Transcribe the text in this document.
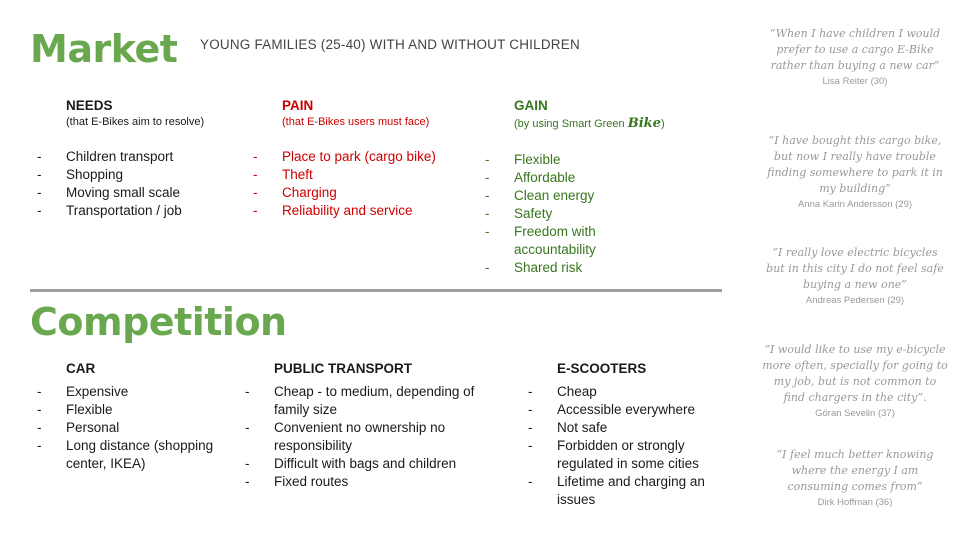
Market YOUNG FAMILIES (25-40) WITH AND WITHOUT CHILDREN
NEEDS
(that E-Bikes aim to resolve)
- Children transport
- Shopping
- Moving small scale
- Transportation / job
PAIN
(that E-Bikes users must face)
- Place to park (cargo bike)
- Theft
- Charging
- Reliability and service
GAIN
(by using Smart Green Bike)
- Flexible
- Affordable
- Clean energy
- Safety
- Freedom with accountability
- Shared risk
Competition
CAR
- Expensive
- Flexible
- Personal
- Long distance (shopping center, IKEA)
PUBLIC TRANSPORT
- Cheap - to medium, depending of family size
- Convenient no ownership no responsibility
- Difficult with bags and children
- Fixed routes
E-SCOOTERS
- Cheap
- Accessible everywhere
- Not safe
- Forbidden or strongly regulated in some cities
- Lifetime and charging an issues
“When I have children I would prefer to use a cargo E-Bike rather than buying a new car”
Lisa Reiter (30)
“I have bought this cargo bike, but now I really have trouble finding somewhere to park it in my building”
Anna Karin Andersson (29)
“I really love electric bicycles but in this city I do not feel safe buying a new one”
Andreas Pedersen (29)
“I would like to use my e-bicycle more often, specially for going to my job, but is not common to find chargers in the city”.
Göran Sevelin (37)
“I feel much better knowing where the energy I am consuming comes from”
Dirk Hoffman (36)
